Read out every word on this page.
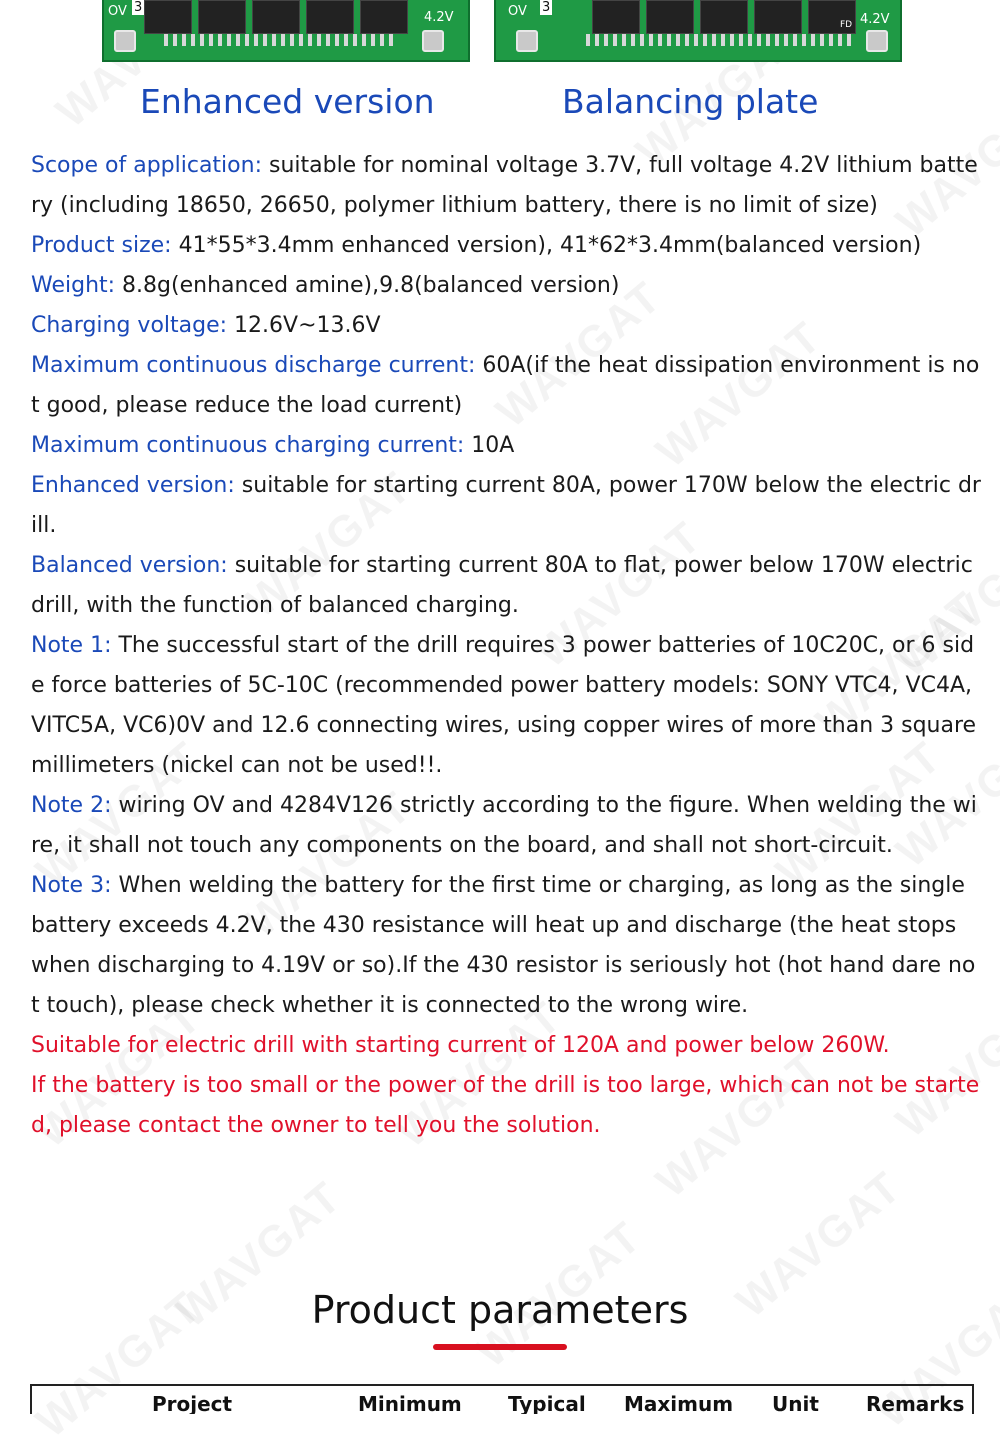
OV 3
4.2V	OV 3
FD 4.2V
Enhanced version	Balancing plate

Scope of application: suitable for nominal voltage 3.7V, full voltage 4.2V lithium battery (including 18650, 26650, polymer lithium battery, there is no limit of size)

Product size: 41*55*3.4mm enhanced version), 41*62*3.4mm(balanced version)

Weight: 8.8g(enhanced amine),9.8(balanced version)

Charging voltage: 12.6V~13.6V

Maximum continuous discharge current: 60A(if the heat dissipation environment is not good, please reduce the load current)

Maximum continuous charging current: 10A

Enhanced version: suitable for starting current 80A, power 170W below the electric drill.

Balanced version: suitable for starting current 80A to flat, power below 170W electric drill, with the function of balanced charging.

Note 1: The successful start of the drill requires 3 power batteries of 10C20C, or 6 side force batteries of 5C-10C (recommended power battery models: SONY VTC4, VC4A, VITC5A, VC6)0V and 12.6 connecting wires, using copper wires of more than 3 square millimeters (nickel can not be used!!.

Note 2: wiring OV and 4284V126 strictly according to the figure. When welding the wire, it shall not touch any components on the board, and shall not short-circuit.

Note 3: When welding the battery for the first time or charging, as long as the single battery exceeds 4.2V, the 430 resistance will heat up and discharge (the heat stops when discharging to 4.19V or so).If the 430 resistor is seriously hot (hot hand dare not touch), please check whether it is connected to the wrong wire.

Suitable for electric drill with starting current of 120A and power below 260W.

If the battery is too small or the power of the drill is too large, which can not be started, please contact the owner to tell you the solution.

Product parameters
Project	Minimum Typical Maximum Unit Remarks
